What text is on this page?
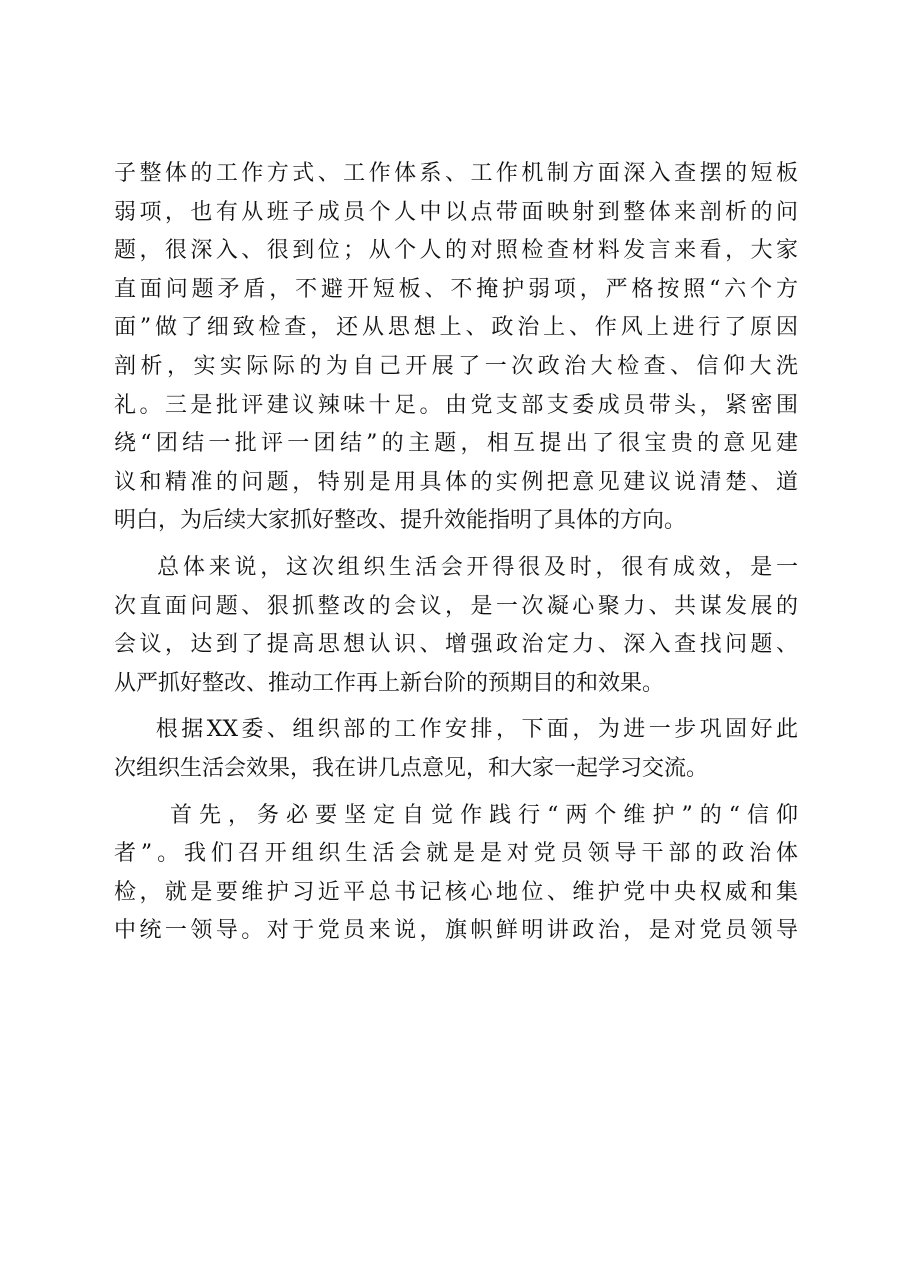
子整体的工作方式、工作体系、工作机制方面深入查摆的短板
弱项，也有从班子成员个人中以点带面映射到整体来剖析的问
题，很深入、很到位；从个人的对照检查材料发言来看，大家
直面问题矛盾，不避开短板、不掩护弱项，严格按照“六个方
面”做了细致检查，还从思想上、政治上、作风上进行了原因
剖析，实实际际的为自己开展了一次政治大检查、信仰大洗
礼。三是批评建议辣味十足。由党支部支委成员带头，紧密围
绕“团结一批评一团结”的主题，相互提出了很宝贵的意见建
议和精准的问题，特别是用具体的实例把意见建议说清楚、道
明白，为后续大家抓好整改、提升效能指明了具体的方向。
总体来说，这次组织生活会开得很及时，很有成效，是一
次直面问题、狠抓整改的会议，是一次凝心聚力、共谋发展的
会议，达到了提高思想认识、增强政治定力、深入查找问题、
从严抓好整改、推动工作再上新台阶的预期目的和效果。
根据XX委、组织部的工作安排，下面，为进一步巩固好此
次组织生活会效果，我在讲几点意见，和大家一起学习交流。
首先，务必要坚定自觉作践行“两个维护”的“信仰
者”。我们召开组织生活会就是是对党员领导干部的政治体
检，就是要维护习近平总书记核心地位、维护党中央权威和集
中统一领导。对于党员来说，旗帜鲜明讲政治，是对党员领导
